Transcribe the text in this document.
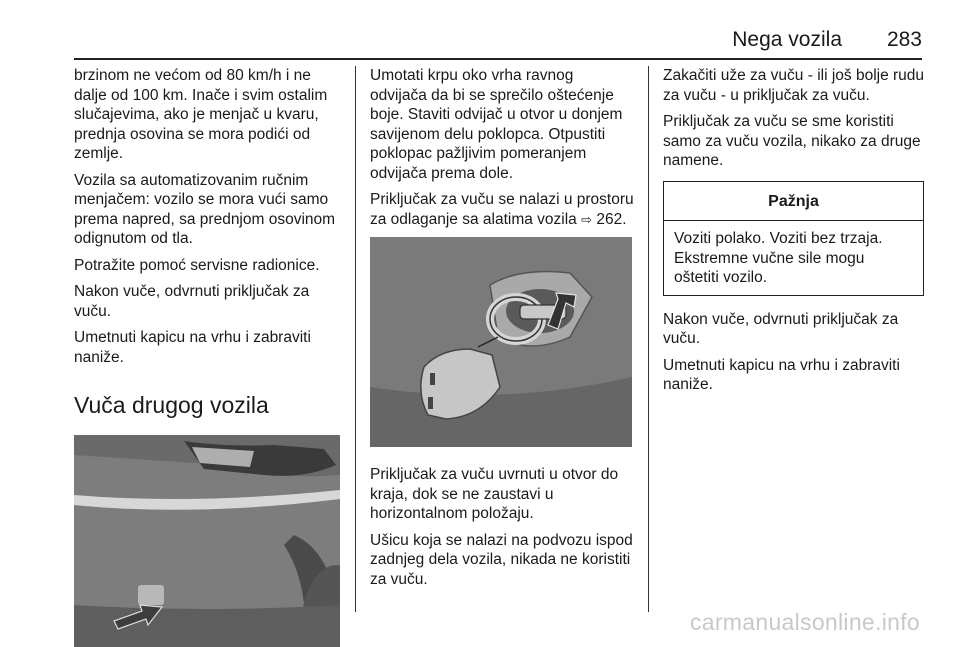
Nega vozila 283

brzinom ne većom od 80 km/h i ne dalje od 100 km. Inače i svim ostalim slučajevima, ako je menjač u kvaru, prednja osovina se mora podići od zemlje.

Vozila sa automatizovanim ručnim menjačem: vozilo se mora vući samo prema napred, sa prednjom osovinom odignutom od tla.

Potražite pomoć servisne radionice.

Nakon vuče, odvrnuti priključak za vuču.

Umetnuti kapicu na vrhu i zabraviti naniže.

Vuča drugog vozila

Umotati krpu oko vrha ravnog odvijača da bi se sprečilo oštećenje boje. Staviti odvijač u otvor u donjem savijenom delu poklopca. Otpustiti poklopac pažljivim pomeranjem odvijača prema dole.

Priključak za vuču se nalazi u prostoru za odlaganje sa alatima vozila ⇨ 262.

Priključak za vuču uvrnuti u otvor do kraja, dok se ne zaustavi u horizontalnom položaju.

Ušicu koja se nalazi na podvozu ispod zadnjeg dela vozila, nikada ne koristiti za vuču.

Zakačiti uže za vuču - ili još bolje rudu za vuču - u priključak za vuču.

Priključak za vuču se sme koristiti samo za vuču vozila, nikako za druge namene.

Pažnja
Voziti polako. Voziti bez trzaja. Ekstremne vučne sile mogu oštetiti vozilo.

Nakon vuče, odvrnuti priključak za vuču.

Umetnuti kapicu na vrhu i zabraviti naniže.

carmanualsonline.info
